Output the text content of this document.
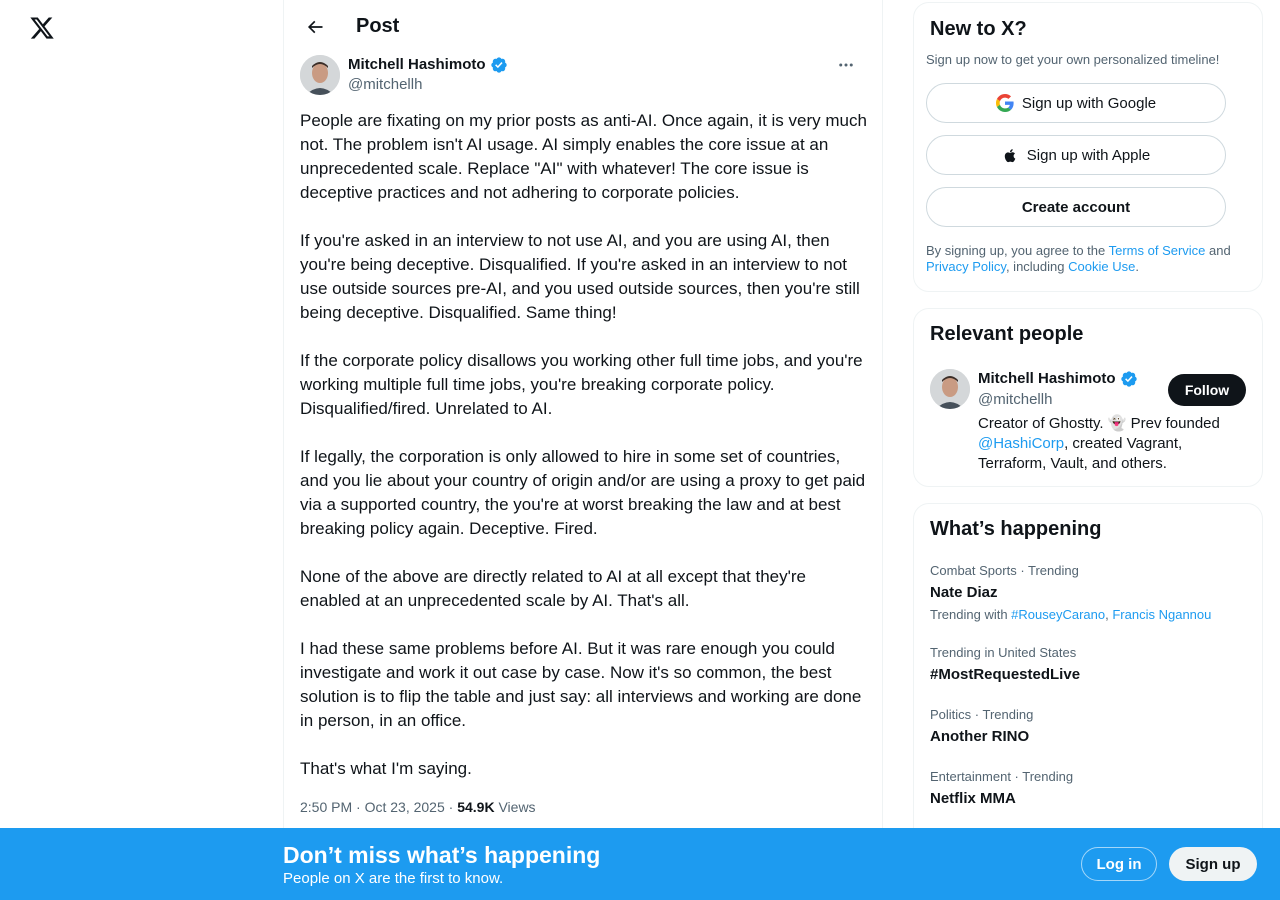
Post
Mitchell Hashimoto
@mitchellh

People are fixating on my prior posts as anti-AI. Once again, it is very much not. The problem isn't AI usage. AI simply enables the core issue at an unprecedented scale. Replace "AI" with whatever! The core issue is deceptive practices and not adhering to corporate policies.

If you're asked in an interview to not use AI, and you are using AI, then you're being deceptive. Disqualified. If you're asked in an interview to not use outside sources pre-AI, and you used outside sources, then you're still being deceptive. Disqualified. Same thing!

If the corporate policy disallows you working other full time jobs, and you're working multiple full time jobs, you're breaking corporate policy. Disqualified/fired. Unrelated to AI.

If legally, the corporation is only allowed to hire in some set of countries, and you lie about your country of origin and/or are using a proxy to get paid via a supported country, the you're at worst breaking the law and at best breaking policy again. Deceptive. Fired.

None of the above are directly related to AI at all except that they're enabled at an unprecedented scale by AI. That's all.

I had these same problems before AI. But it was rare enough you could investigate and work it out case by case. Now it's so common, the best solution is to flip the table and just say: all interviews and working are done in person, in an office.

That's what I'm saying.

2:50 PM · Oct 23, 2025 · 54.9K Views
New to X?
Sign up now to get your own personalized timeline!
Sign up with Google
Sign up with Apple
Create account
By signing up, you agree to the Terms of Service and Privacy Policy, including Cookie Use.
Relevant people
Mitchell Hashimoto
@mitchellh
Follow
Creator of Ghostty. 👻 Prev founded @HashiCorp, created Vagrant, Terraform, Vault, and others.
What’s happening
Combat Sports · Trending
Nate Diaz
Trending with #RouseyCarano, Francis Ngannou
Trending in United States
#MostRequestedLive
Politics · Trending
Another RINO
Entertainment · Trending
Netflix MMA
Don’t miss what’s happening
People on X are the first to know.
Log in	Sign up
